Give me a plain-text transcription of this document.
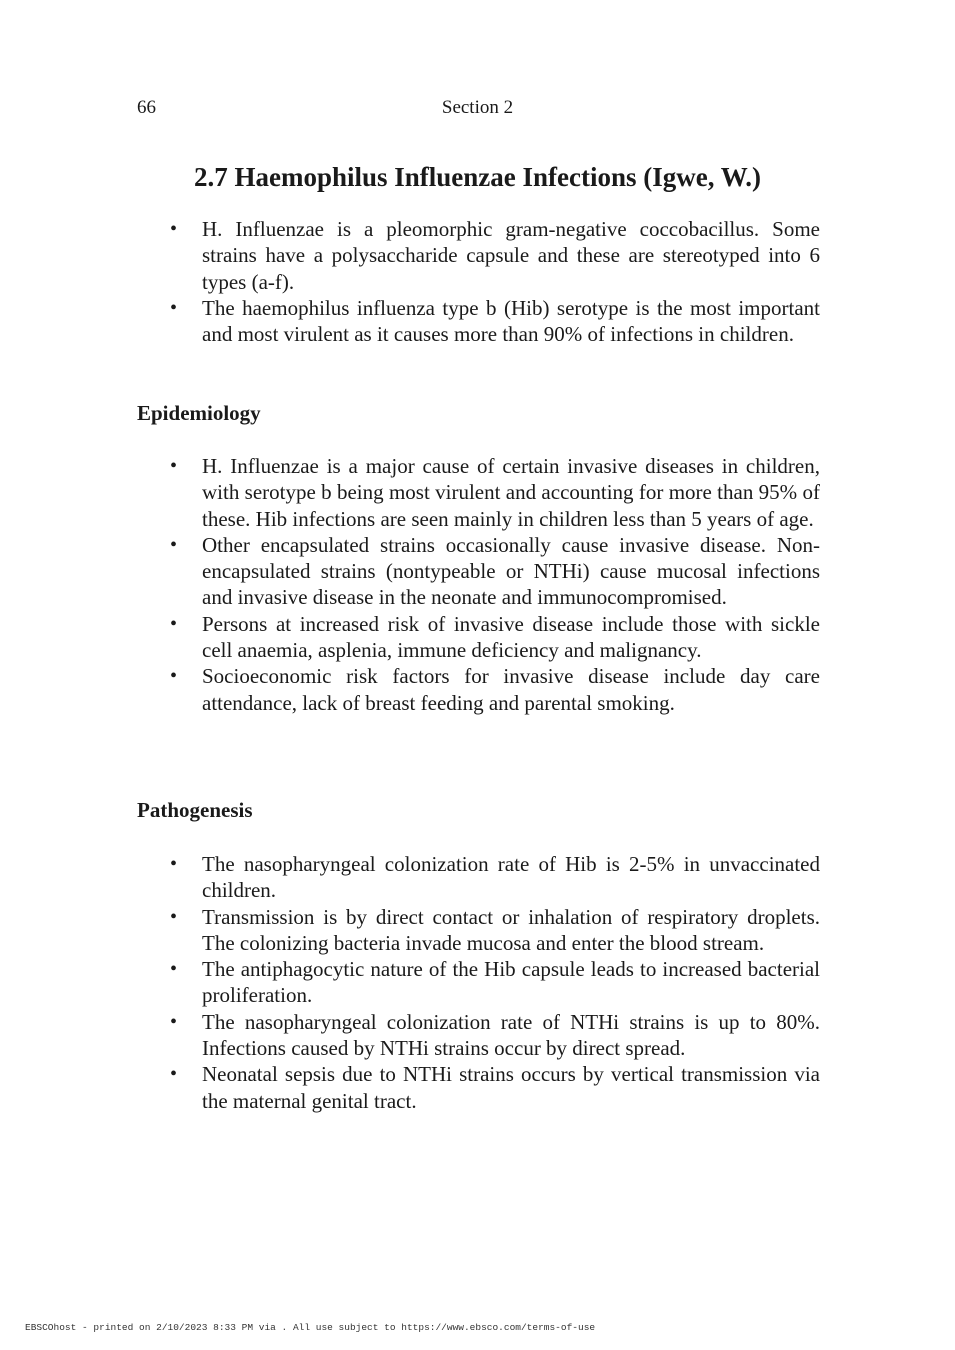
66	Section 2
2.7 Haemophilus Influenzae Infections (Igwe, W.)
• H. Influenzae is a pleomorphic gram-negative coccobacillus. Some strains have a polysaccharide capsule and these are stereotyped into 6 types (a-f).
• The haemophilus influenza type b (Hib) serotype is the most important and most virulent as it causes more than 90% of infections in children.
Epidemiology
• H. Influenzae is a major cause of certain invasive diseases in children, with serotype b being most virulent and accounting for more than 95% of these. Hib infections are seen mainly in children less than 5 years of age.
• Other encapsulated strains occasionally cause invasive disease. Non-encapsulated strains (nontypeable or NTHi) cause mucosal infections and invasive disease in the neonate and immunocompromised.
• Persons at increased risk of invasive disease include those with sickle cell anaemia, asplenia, immune deficiency and malignancy.
• Socioeconomic risk factors for invasive disease include day care attendance, lack of breast feeding and parental smoking.
Pathogenesis
• The nasopharyngeal colonization rate of Hib is 2-5% in unvaccinated children.
• Transmission is by direct contact or inhalation of respiratory droplets. The colonizing bacteria invade mucosa and enter the blood stream.
• The antiphagocytic nature of the Hib capsule leads to increased bacterial proliferation.
• The nasopharyngeal colonization rate of NTHi strains is up to 80%. Infections caused by NTHi strains occur by direct spread.
• Neonatal sepsis due to NTHi strains occurs by vertical transmission via the maternal genital tract.
EBSCOhost - printed on 2/10/2023 8:33 PM via . All use subject to https://www.ebsco.com/terms-of-use
